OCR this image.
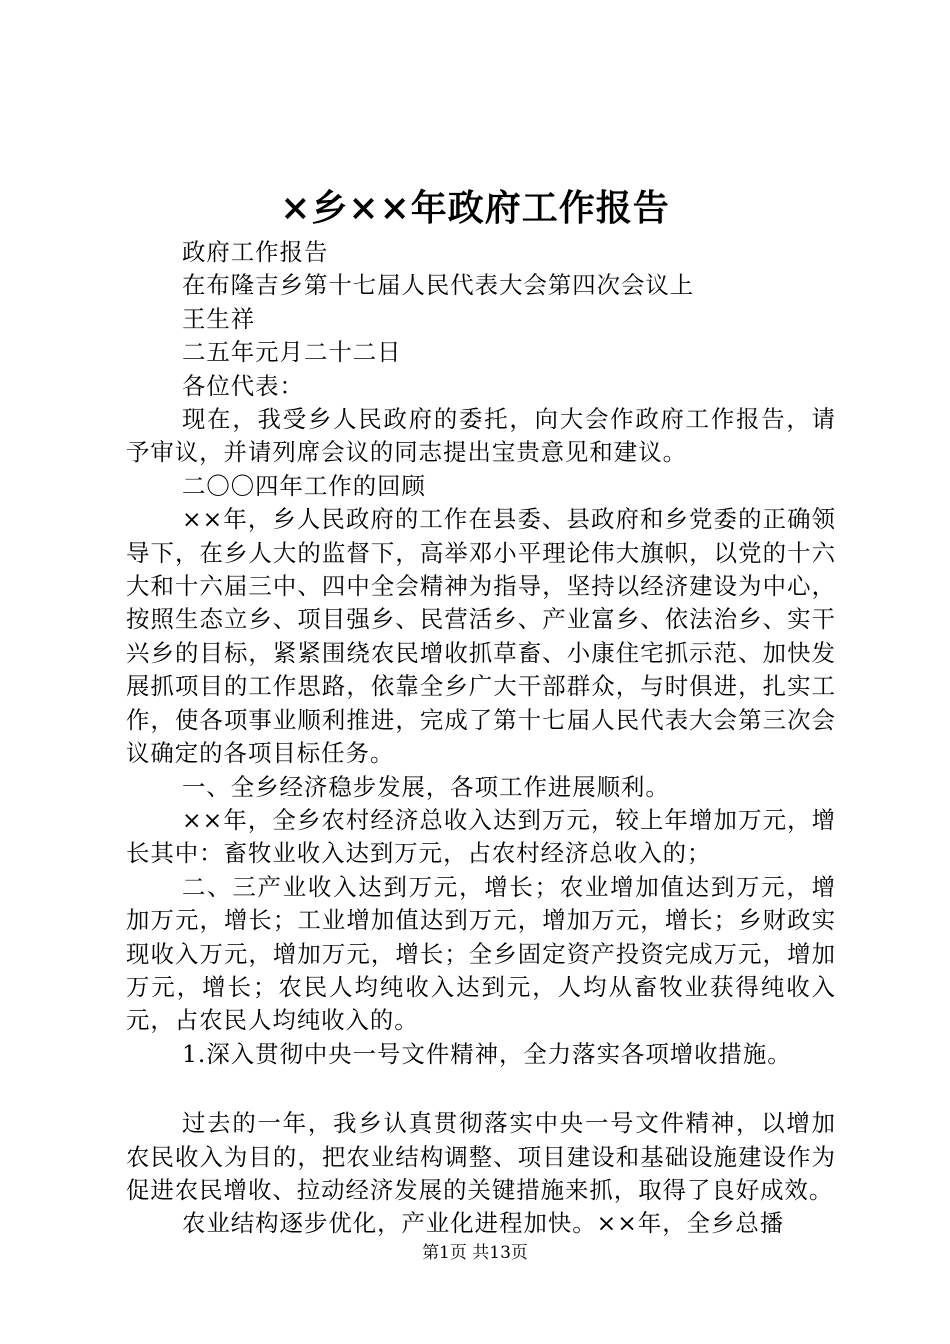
×乡××年政府工作报告

政府工作报告

在布隆吉乡第十七届人民代表大会第四次会议上

王生祥

二五年元月二十二日

各位代表：

现在，我受乡人民政府的委托，向大会作政府工作报告，请予审议，并请列席会议的同志提出宝贵意见和建议。

二〇〇四年工作的回顾

××年，乡人民政府的工作在县委、县政府和乡党委的正确领导下，在乡人大的监督下，高举邓小平理论伟大旗帜，以党的十六大和十六届三中、四中全会精神为指导，坚持以经济建设为中心，按照生态立乡、项目强乡、民营活乡、产业富乡、依法治乡、实干兴乡的目标，紧紧围绕农民增收抓草畜、小康住宅抓示范、加快发展抓项目的工作思路，依靠全乡广大干部群众，与时俱进，扎实工作，使各项事业顺利推进，完成了第十七届人民代表大会第三次会议确定的各项目标任务。

一、全乡经济稳步发展，各项工作进展顺利。

××年，全乡农村经济总收入达到万元，较上年增加万元，增长其中：畜牧业收入达到万元，占农村经济总收入的；

二、三产业收入达到万元，增长；农业增加值达到万元，增加万元，增长；工业增加值达到万元，增加万元，增长；乡财政实现收入万元，增加万元，增长；全乡固定资产投资完成万元，增加万元，增长；农民人均纯收入达到元，人均从畜牧业获得纯收入元，占农民人均纯收入的。

1.深入贯彻中央一号文件精神，全力落实各项增收措施。

过去的一年，我乡认真贯彻落实中央一号文件精神，以增加农民收入为目的，把农业结构调整、项目建设和基础设施建设作为促进农民增收、拉动经济发展的关键措施来抓，取得了良好成效。

农业结构逐步优化，产业化进程加快。××年，全乡总播

第1页 共13页
